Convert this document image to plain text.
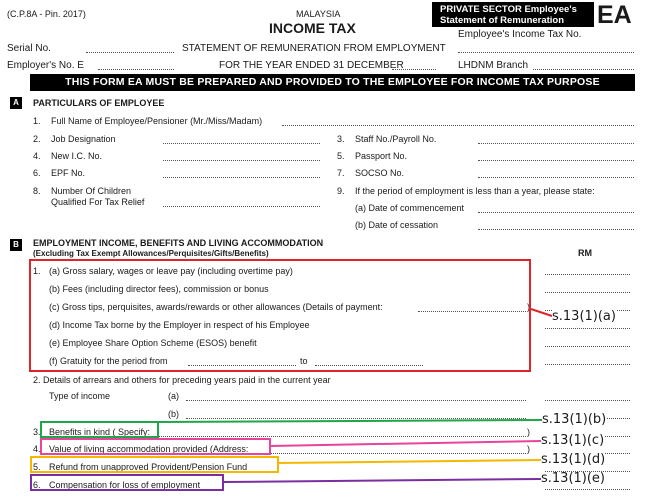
(C.P.8A - Pin. 2017)	MALAYSIA
INCOME TAX
PRIVATE SECTOR Employee's
Statement of Remuneration	EA
Employee's Income Tax No.
Serial No.	STATEMENT OF REMUNERATION FROM EMPLOYMENT
Employer's No. E	FOR THE YEAR ENDED 31 DECEMBER	LHDNM Branch
THIS FORM EA MUST BE PREPARED AND PROVIDED TO THE EMPLOYEE FOR INCOME TAX PURPOSE
A	PARTICULARS OF EMPLOYEE
1. Full Name of Employee/Pensioner (Mr./Miss/Madam)
2. Job Designation	3. Staff No./Payroll No.
4. New I.C. No.	5. Passport No.
6. EPF No.	7. SOCSO No.
8. Number Of Children
Qualified For Tax Relief
9. If the period of employment is less than a year, please state:
(a) Date of commencement
(b) Date of cessation
B	EMPLOYMENT INCOME, BENEFITS AND LIVING ACCOMMODATION
(Excluding Tax Exempt Allowances/Perquisites/Gifts/Benefits)	RM
1. (a) Gross salary, wages or leave pay (including overtime pay)
(b) Fees (including director fees), commission or bonus
(c) Gross tips, perquisites, awards/rewards or other allowances (Details of payment:	)
(d) Income Tax borne by the Employer in respect of his Employee
(e) Employee Share Option Scheme (ESOS) benefit
(f) Gratuity for the period from	to
2. Details of arrears and others for preceding years paid in the current year
Type of income	(a)
(b)
3. Benefits in kind ( Specify:	)
4. Value of living accommodation provided (Address:	)
5. Refund from unapproved Provident/Pension Fund
6. Compensation for loss of employment
s.13(1)(a)
s.13(1)(b)
s.13(1)(c)
s.13(1)(d)
s.13(1)(e)
